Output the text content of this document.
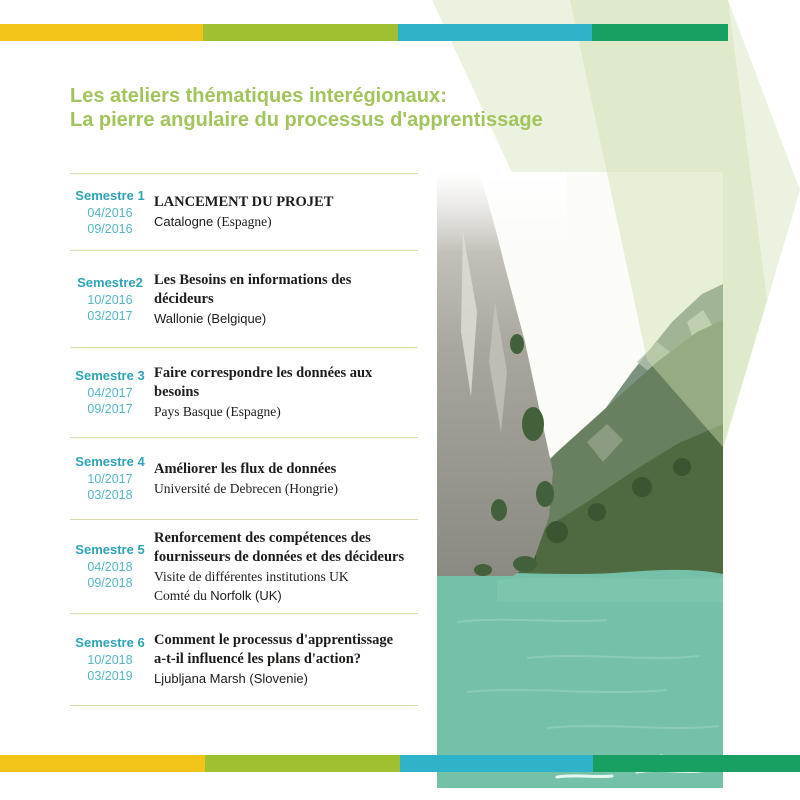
Les ateliers thématiques interégionaux:
La pierre angulaire du processus d'apprentissage
Semestre 1
04/2016
09/2016
LANCEMENT DU PROJET
Catalogne (Espagne)
Semestre2
10/2016
03/2017
Les Besoins en informations des
décideurs
Wallonie (Belgique)
Semestre 3
04/2017
09/2017
Faire correspondre les données aux
besoins
Pays Basque (Espagne)
Semestre 4
10/2017
03/2018
Améliorer les flux de données
Université de Debrecen (Hongrie)
Semestre 5
04/2018
09/2018
Renforcement des compétences des
fournisseurs de données et des décideurs
Visite de différentes institutions UK
Comté du Norfolk (UK)
Semestre 6
10/2018
03/2019
Comment le processus d'apprentissage
a-t-il influencé les plans d'action?
Ljubljana Marsh (Slovenie)
